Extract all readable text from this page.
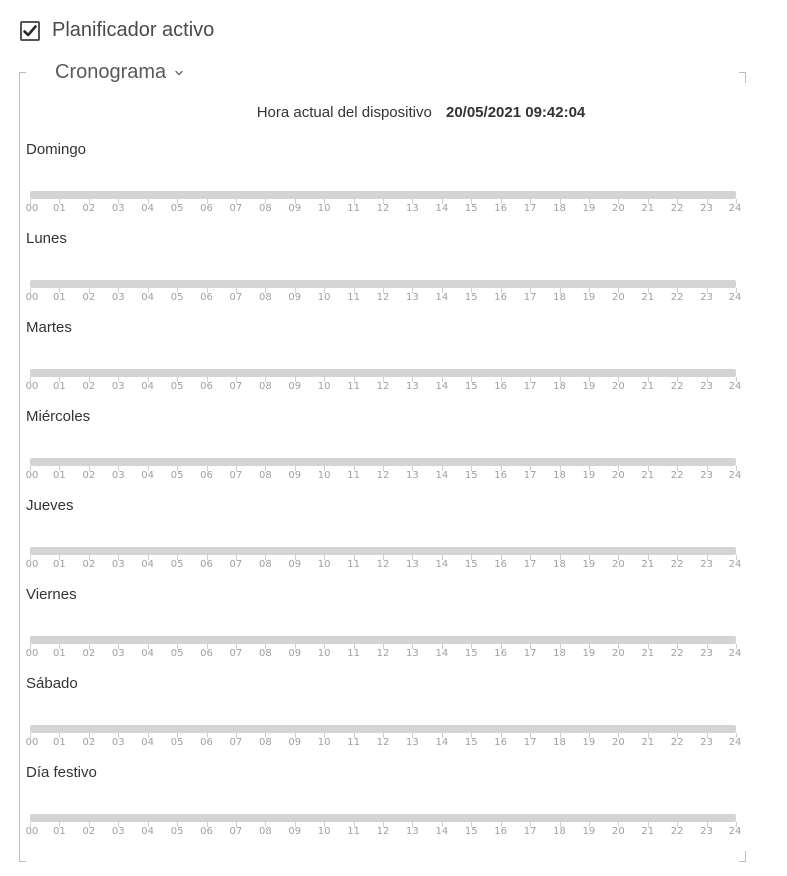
Planificador activo
Cronograma
Hora actual del dispositivo 20/05/2021 09:42:04
Domingo
00 01 02 03 04 05 06 07 08 09 10 11 12 13 14 15 16 17 18 19 20 21 22 23 24
Lunes
00 01 02 03 04 05 06 07 08 09 10 11 12 13 14 15 16 17 18 19 20 21 22 23 24
Martes
00 01 02 03 04 05 06 07 08 09 10 11 12 13 14 15 16 17 18 19 20 21 22 23 24
Miércoles
00 01 02 03 04 05 06 07 08 09 10 11 12 13 14 15 16 17 18 19 20 21 22 23 24
Jueves
00 01 02 03 04 05 06 07 08 09 10 11 12 13 14 15 16 17 18 19 20 21 22 23 24
Viernes
00 01 02 03 04 05 06 07 08 09 10 11 12 13 14 15 16 17 18 19 20 21 22 23 24
Sábado
00 01 02 03 04 05 06 07 08 09 10 11 12 13 14 15 16 17 18 19 20 21 22 23 24
Día festivo
00 01 02 03 04 05 06 07 08 09 10 11 12 13 14 15 16 17 18 19 20 21 22 23 24
